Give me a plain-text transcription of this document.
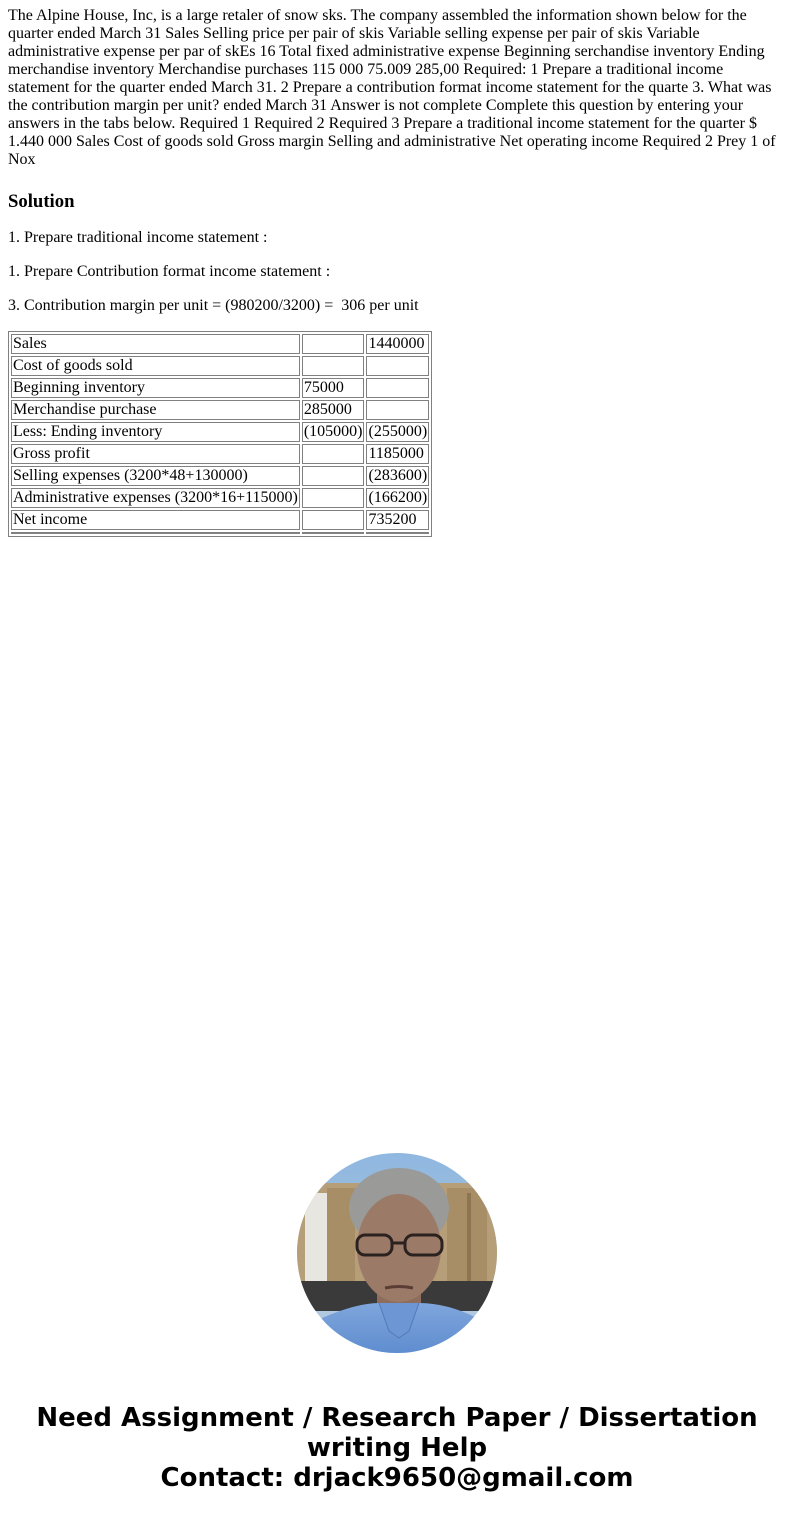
The Alpine House, Inc, is a large retaler of snow sks. The company assembled the information shown below for the quarter ended March 31 Sales Selling price per pair of skis Variable selling expense per pair of skis Variable administrative expense per par of skEs 16 Total fixed administrative expense Beginning serchandise inventory Ending merchandise inventory Merchandise purchases 115 000 75.009 285,00 Required: 1 Prepare a traditional income statement for the quarter ended March 31. 2 Prepare a contribution format income statement for the quarte 3. What was the contribution margin per unit? ended March 31 Answer is not complete Complete this question by entering your answers in the tabs below. Required 1 Required 2 Required 3 Prepare a traditional income statement for the quarter $ 1.440 000 Sales Cost of goods sold Gross margin Selling and administrative Net operating income Required 2 Prey 1 of Nox

Solution

1. Prepare traditional income statement :

1. Prepare Contribution format income statement :

3. Contribution margin per unit = (980200/3200) =  306 per unit

Sales		1440000
Cost of goods sold		
Beginning inventory	75000	
Merchandise purchase	285000	
Less: Ending inventory	(105000)	(255000)
Gross profit		1185000
Selling expenses (3200*48+130000)		(283600)
Administrative expenses (3200*16+115000)		(166200)
Net income		735200

Need Assignment / Research Paper / Dissertation
writing Help
Contact: drjack9650@gmail.com
